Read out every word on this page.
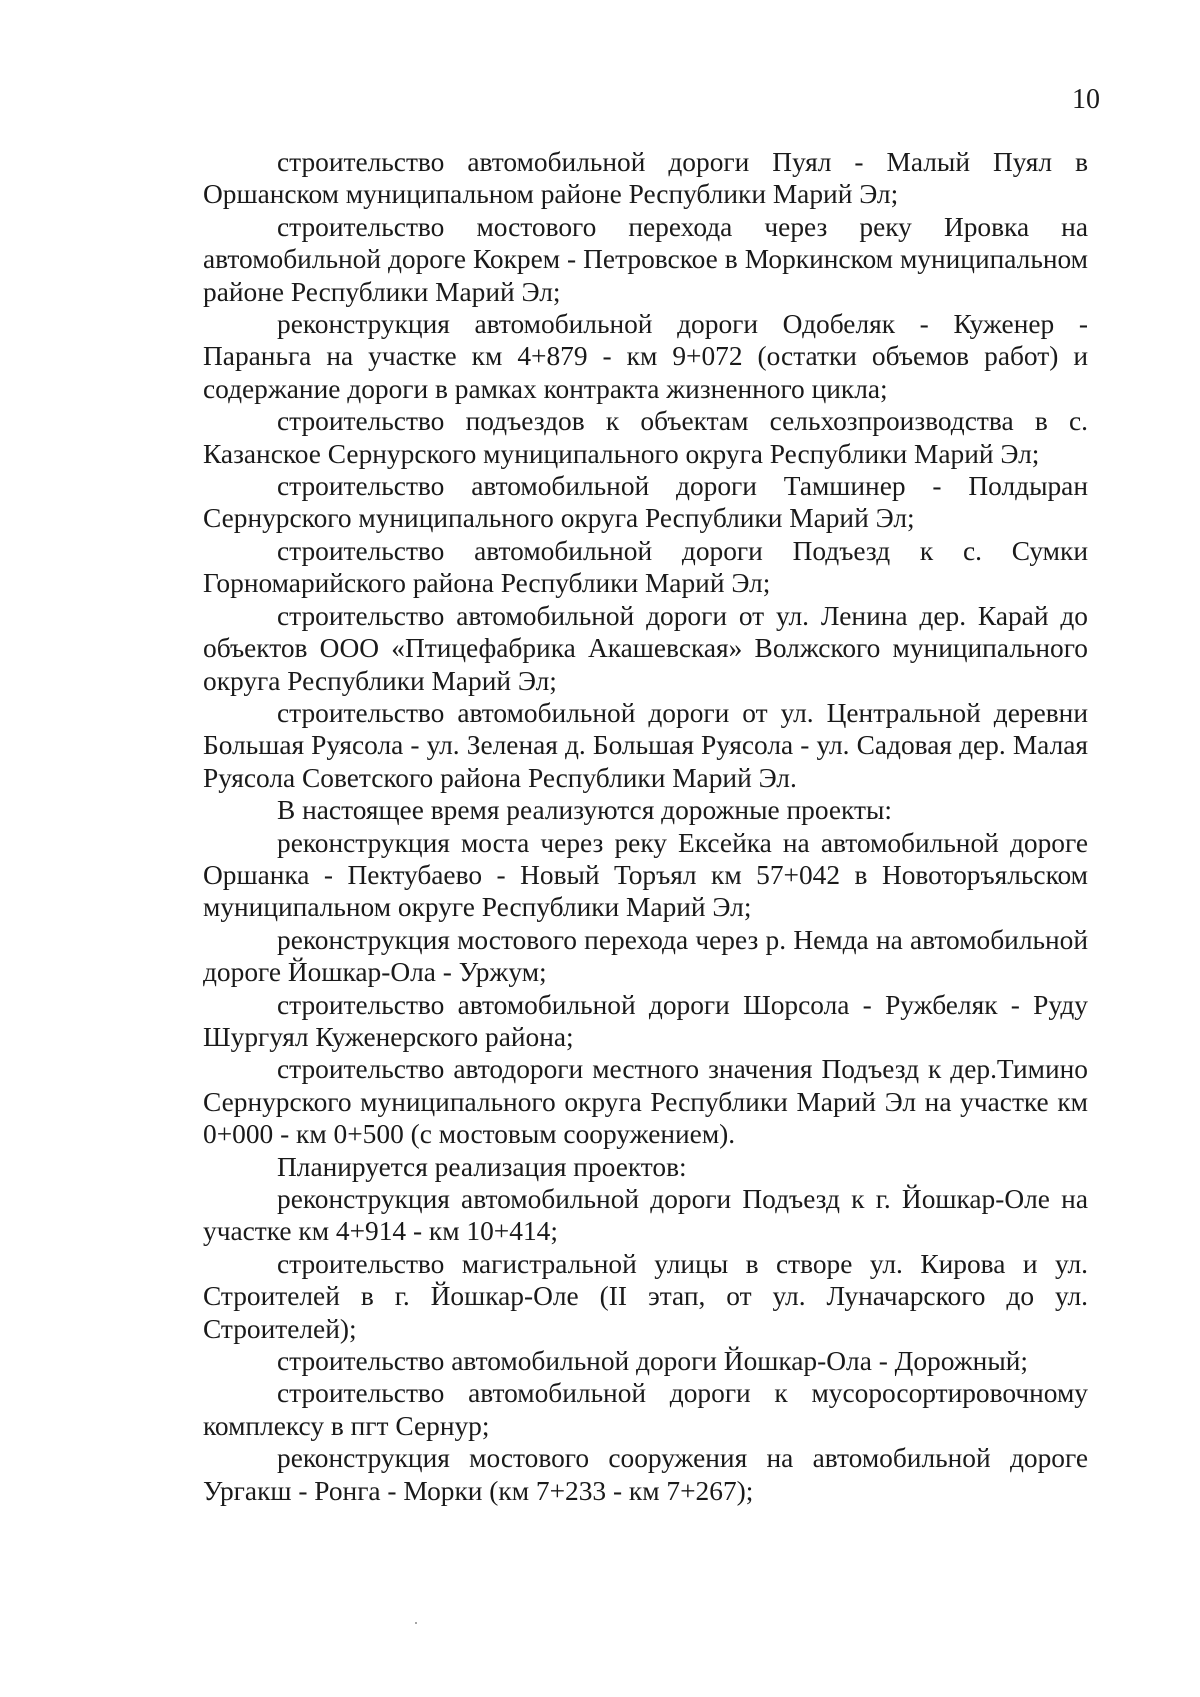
10

строительство автомобильной дороги Пуял - Малый Пуял в Оршанском муниципальном районе Республики Марий Эл;

строительство мостового перехода через реку Ировка на автомобильной дороге Кокрем - Петровское в Моркинском муниципальном районе Республики Марий Эл;

реконструкция автомобильной дороги Одобеляк - Куженер - Параньга на участке км 4+879 - км 9+072 (остатки объемов работ) и содержание дороги в рамках контракта жизненного цикла;

строительство подъездов к объектам сельхозпроизводства в с. Казанское Сернурского муниципального округа Республики Марий Эл;

строительство автомобильной дороги Тамшинер - Полдыран Сернурского муниципального округа Республики Марий Эл;

строительство автомобильной дороги Подъезд к с. Сумки Горномарийского района Республики Марий Эл;

строительство автомобильной дороги от ул. Ленина дер. Карай до объектов ООО «Птицефабрика Акашевская» Волжского муниципального округа Республики Марий Эл;

строительство автомобильной дороги от ул. Центральной деревни Большая Руясола - ул. Зеленая д. Большая Руясола - ул. Садовая дер. Малая Руясола Советского района Республики Марий Эл.

В настоящее время реализуются дорожные проекты:

реконструкция моста через реку Ексейка на автомобильной дороге Оршанка - Пектубаево - Новый Торъял км 57+042 в Новоторъяльском муниципальном округе Республики Марий Эл;

реконструкция мостового перехода через р. Немда на автомобильной дороге Йошкар-Ола - Уржум;

строительство автомобильной дороги Шорсола - Ружбеляк - Руду Шургуял Куженерского района;

строительство автодороги местного значения Подъезд к дер.Тимино Сернурского муниципального округа Республики Марий Эл на участке км 0+000 - км 0+500 (с мостовым сооружением).

Планируется реализация проектов:

реконструкция автомобильной дороги Подъезд к г. Йошкар-Оле на участке км 4+914 - км 10+414;

строительство магистральной улицы в створе ул. Кирова и ул. Строителей в г. Йошкар-Оле (II этап, от ул. Луначарского до ул. Строителей);

строительство автомобильной дороги Йошкар-Ола - Дорожный;

строительство автомобильной дороги к мусоросортировочному комплексу в пгт Сернур;

реконструкция мостового сооружения на автомобильной дороге Ургакш - Ронга - Морки (км 7+233 - км 7+267);
